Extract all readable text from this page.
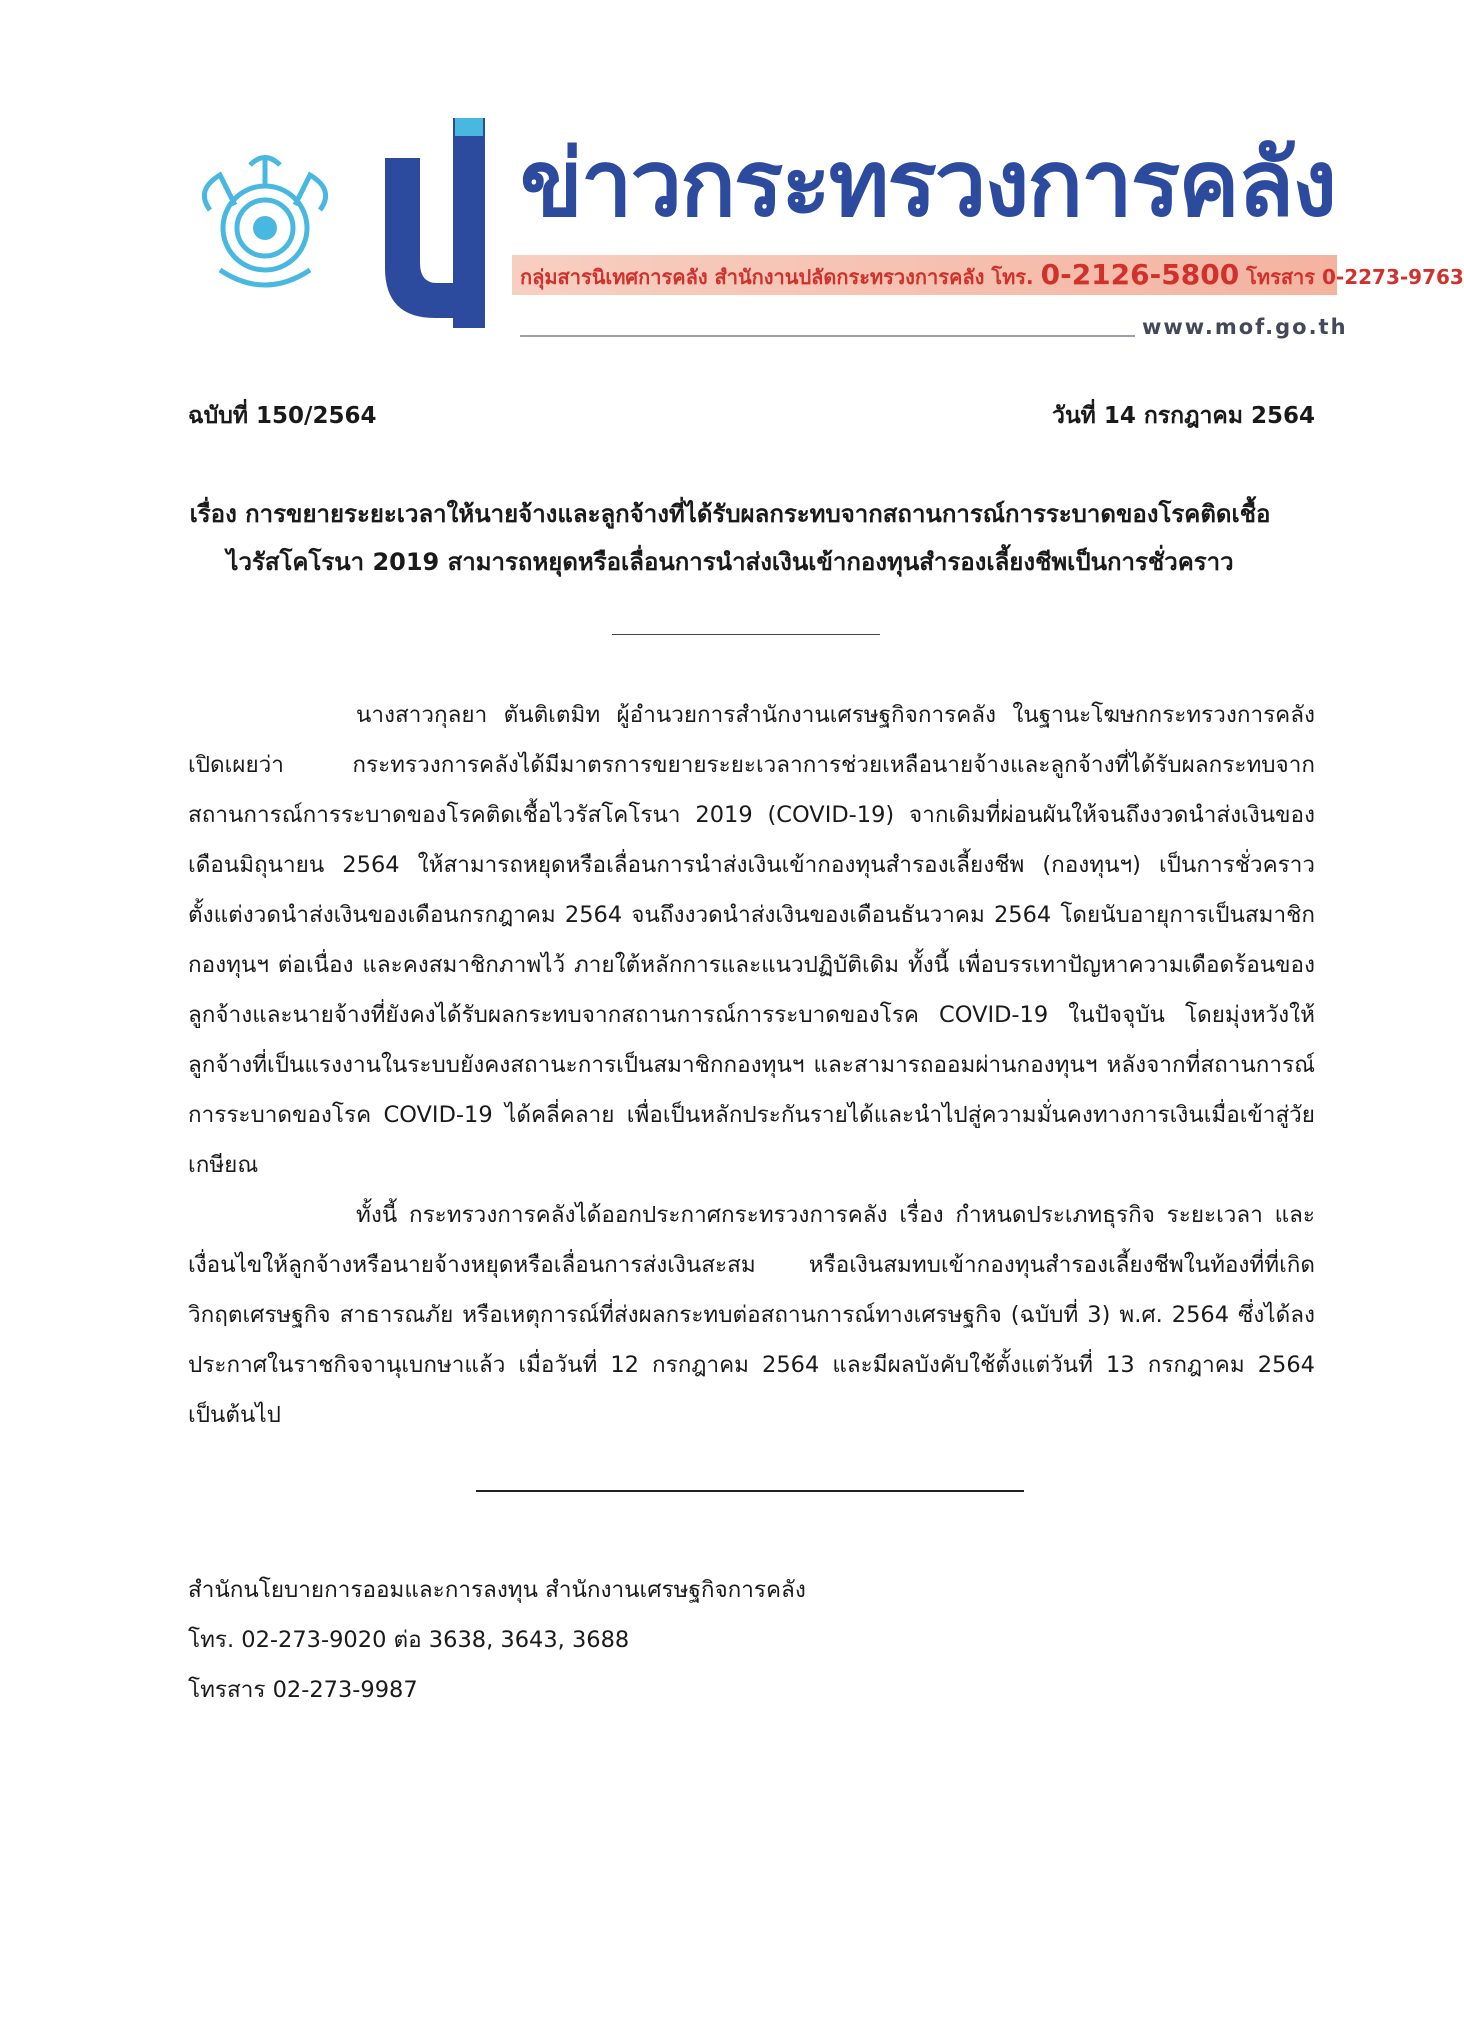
ข่าวกระทรวงการคลัง
กลุ่มสารนิเทศการคลัง สำนักงานปลัดกระทรวงการคลัง โทร. 0-2126-5800 โทรสาร 0-2273-9763
www.mof.go.th
ฉบับที่ 150/2564	วันที่ 14 กรกฎาคม 2564
เรื่อง การขยายระยะเวลาให้นายจ้างและลูกจ้างที่ได้รับผลกระทบจากสถานการณ์การระบาดของโรคติดเชื้อ
ไวรัสโคโรนา 2019 สามารถหยุดหรือเลื่อนการนำส่งเงินเข้ากองทุนสำรองเลี้ยงชีพเป็นการชั่วคราว

นางสาวกุลยา ตันติเตมิท ผู้อำนวยการสำนักงานเศรษฐกิจการคลัง ในฐานะโฆษกกระทรวงการคลังเปิดเผยว่า กระทรวงการคลังได้มีมาตรการขยายระยะเวลาการช่วยเหลือนายจ้างและลูกจ้างที่ได้รับผลกระทบจากสถานการณ์การระบาดของโรคติดเชื้อไวรัสโคโรนา 2019 (COVID-19) จากเดิมที่ผ่อนผันให้จนถึงงวดนำส่งเงินของเดือนมิถุนายน 2564 ให้สามารถหยุดหรือเลื่อนการนำส่งเงินเข้ากองทุนสำรองเลี้ยงชีพ (กองทุนฯ) เป็นการชั่วคราว ตั้งแต่งวดนำส่งเงินของเดือนกรกฎาคม 2564 จนถึงงวดนำส่งเงินของเดือนธันวาคม 2564 โดยนับอายุการเป็นสมาชิกกองทุนฯ ต่อเนื่อง และคงสมาชิกภาพไว้ ภายใต้หลักการและแนวปฏิบัติเดิม ทั้งนี้ เพื่อบรรเทาปัญหาความเดือดร้อนของลูกจ้างและนายจ้างที่ยังคงได้รับผลกระทบจากสถานการณ์การระบาดของโรค COVID-19 ในปัจจุบัน โดยมุ่งหวังให้ลูกจ้างที่เป็นแรงงานในระบบยังคงสถานะการเป็นสมาชิกกองทุนฯ และสามารถออมผ่านกองทุนฯ หลังจากที่สถานการณ์การระบาดของโรค COVID-19 ได้คลี่คลาย เพื่อเป็นหลักประกันรายได้และนำไปสู่ความมั่นคงทางการเงินเมื่อเข้าสู่วัยเกษียณ

ทั้งนี้ กระทรวงการคลังได้ออกประกาศกระทรวงการคลัง เรื่อง กำหนดประเภทธุรกิจ ระยะเวลา และเงื่อนไขให้ลูกจ้างหรือนายจ้างหยุดหรือเลื่อนการส่งเงินสะสม หรือเงินสมทบเข้ากองทุนสำรองเลี้ยงชีพในท้องที่ที่เกิดวิกฤตเศรษฐกิจ สาธารณภัย หรือเหตุการณ์ที่ส่งผลกระทบต่อสถานการณ์ทางเศรษฐกิจ (ฉบับที่ 3) พ.ศ. 2564 ซึ่งได้ลงประกาศในราชกิจจานุเบกษาแล้ว เมื่อวันที่ 12 กรกฎาคม 2564 และมีผลบังคับใช้ตั้งแต่วันที่ 13 กรกฎาคม 2564 เป็นต้นไป

สำนักนโยบายการออมและการลงทุน สำนักงานเศรษฐกิจการคลัง
โทร. 02-273-9020 ต่อ 3638, 3643, 3688
โทรสาร 02-273-9987
